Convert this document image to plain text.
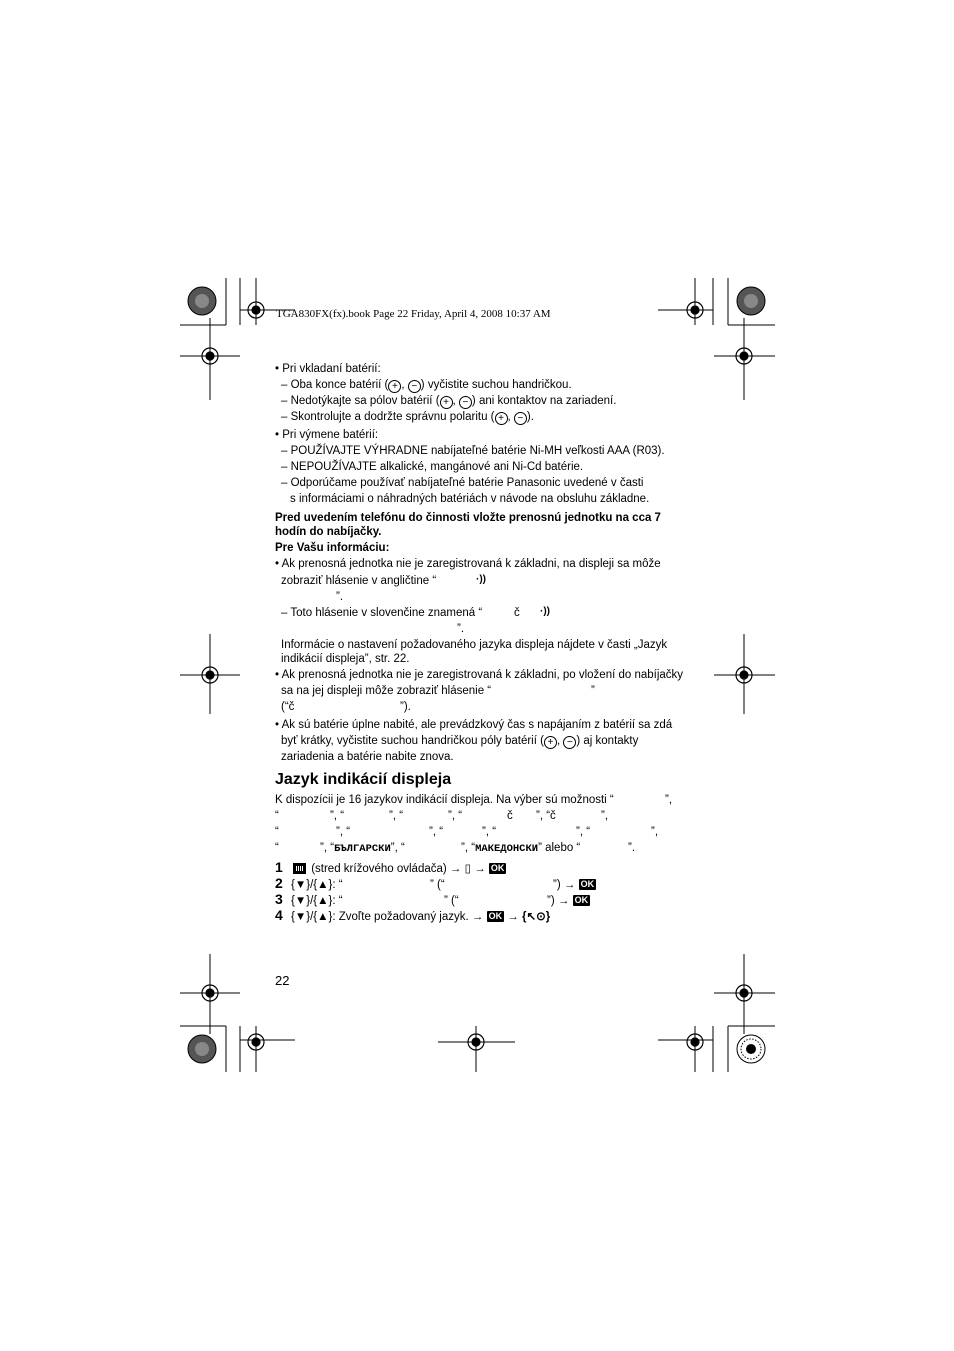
TGA830FX(fx).book Page 22 Friday, April 4, 2008 10:37 AM
• Pri vkladaní batérií:
– Oba konce batérií ( + , − ) vyčistite suchou handričkou.
– Nedotýkajte sa pólov batérií ( + , − ) ani kontaktov na zariadení.
– Skontrolujte a dodržte správnu polaritu ( + , − ).
• Pri výmene batérií:
– POUŽÍVAJTE VÝHRADNE nabíjateľné batérie Ni-MH veľkosti AAA (R03).
– NEPOUŽÍVAJTE alkalické, mangánové ani Ni-Cd batérie.
– Odporúčame používať nabíjateľné batérie Panasonic uvedené v časti
s informáciami o náhradných batériách v návode na obsluhu základne.
Pred uvedením telefónu do činnosti vložte prenosnú jednotku na cca 7
hodín do nabíjačky.
Pre Vašu informáciu:
• Ak prenosná jednotka nie je zaregistrovaná k základni, na displeji sa môže
zobraziť hlásenie v angličtine “	·))
”.
– Toto hlásenie v slovenčine znamená “	č ·))
”.
Informácie o nastavení požadovaného jazyka displeja nájdete v časti „Jazyk
indikácií displeja”, str. 22.
• Ak prenosná jednotka nie je zaregistrovaná k základni, po vložení do nabíjačky
sa na jej displeji môže zobraziť hlásenie “	”
(“č	”).
• Ak sú batérie úplne nabité, ale prevádzkový čas s napájaním z batérií sa zdá
byť krátky, vyčistite suchou handričkou póly batérií ( + , − ) aj kontakty
zariadenia a batérie nabite znova.
Jazyk indikácií displeja
K dispozícii je 16 jazykov indikácií displeja. Na výber sú možnosti “	”,
“	”, “	”, “	”, “	č ”, “č	”,
“	”, “	”, “	”, “	”, “	”,
“	”, “БЪЛГАРСКИ”, “	”, “МАКЕДОНСКИ” alebo “	”.
1	(stred krížového ovládača) → ▯ → OK
2 {▼}/{▲}: “	” (“	”) → OK
3 {▼}/{▲}: “	” (“	”) → OK
4 {▼}/{▲}: Zvoľte požadovaný jazyk. → OK → {↖⊙}
22
